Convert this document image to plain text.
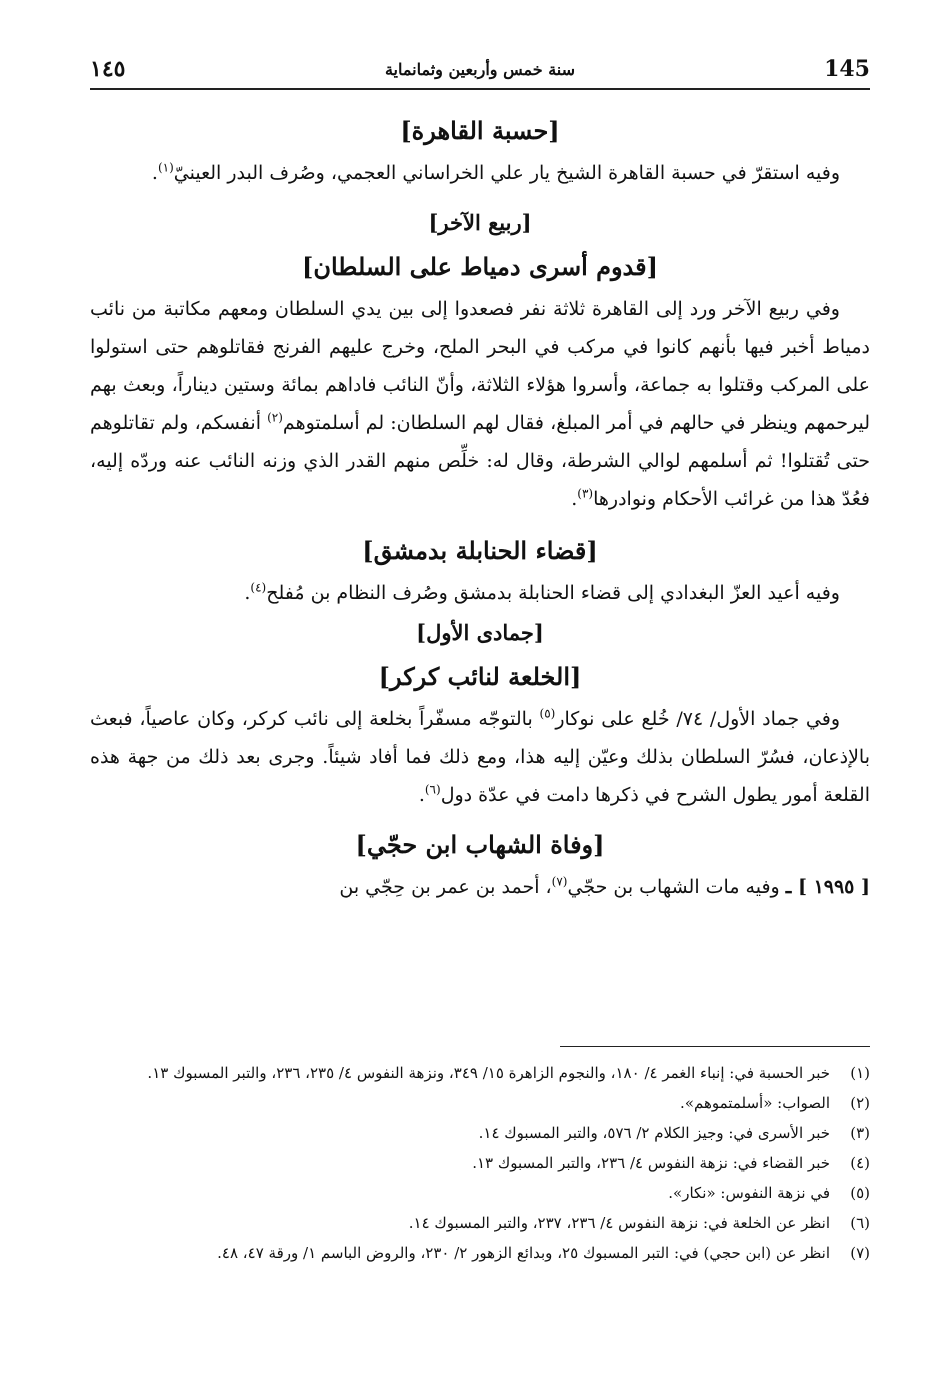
145
سنة خمس وأربعين وثمانماية
١٤٥
[حسبة القاهرة]

وفيه استقرّ في حسبة القاهرة الشيخ يار علي الخراساني العجمي، وصُرف البدر العينيّ$^{(١)}$.

[ربيع الآخر]
[قدوم أسرى دمياط على السلطان]

وفي ربيع الآخر ورد إلى القاهرة ثلاثة نفر فصعدوا إلى بين يدي السلطان ومعهم مكاتبة من نائب دمياط أخبر فيها بأنهم كانوا في مركب في البحر الملح، وخرج عليهم الفرنج فقاتلوهم حتى استولوا على المركب وقتلوا به جماعة، وأسروا هؤلاء الثلاثة، وأنّ النائب فاداهم بمائة وستين ديناراً، وبعث بهم ليرحمهم وينظر في حالهم في أمر المبلغ، فقال لهم السلطان: لم أسلمتوهم$^{(٢)}$ أنفسكم، ولم تقاتلوهم حتى تُقتلوا! ثم أسلمهم لوالي الشرطة، وقال له: خلِّص منهم القدر الذي وزنه النائب عنه وردّه إليه، فعُدّ هذا من غرائب الأحكام ونوادرها$^{(٣)}$.

[قضاء الحنابلة بدمشق]

وفيه أعيد العزّ البغدادي إلى قضاء الحنابلة بدمشق وصُرف النظام بن مُفلح$^{(٤)}$.

[جمادى الأول]
[الخلعة لنائب كركر]

وفي جماد الأول/ ٧٤/ خُلع على نوكار$^{(٥)}$ بالتوجّه مسفّراً بخلعة إلى نائب كركر، وكان عاصياً، فبعث بالإذعان، فسُرّ السلطان بذلك وعيّن إليه هذا، ومع ذلك فما أفاد شيئاً. وجرى بعد ذلك من جهة هذه القلعة أمور يطول الشرح في ذكرها دامت في عدّة دول$^{(٦)}$.

[وفاة الشهاب ابن حجّي]

[ ١٩٩٥ ] ـ وفيه مات الشهاب بن حجّي$^{(٧)}$، أحمد بن عمر بن حِجّي بن

(١)
خبر الحسبة في: إنباء الغمر ٤/ ١٨٠، والنجوم الزاهرة ١٥/ ٣٤٩، ونزهة النفوس ٤/ ٢٣٥، ٢٣٦، والتبر المسبوك ١٣.
(٢)
الصواب: «أسلمتموهم».
(٣)
خبر الأسرى في: وجيز الكلام ٢/ ٥٧٦، والتبر المسبوك ١٤.
(٤)
خبر القضاء في: نزهة النفوس ٤/ ٢٣٦، والتبر المسبوك ١٣.
(٥)
في نزهة النفوس: «نكار».
(٦)
انظر عن الخلعة في: نزهة النفوس ٤/ ٢٣٦، ٢٣٧، والتبر المسبوك ١٤.
(٧)
انظر عن (ابن حجي) في: التبر المسبوك ٢٥، وبدائع الزهور ٢/ ٢٣٠، والروض الباسم ١/ ورقة ٤٧، ٤٨.
